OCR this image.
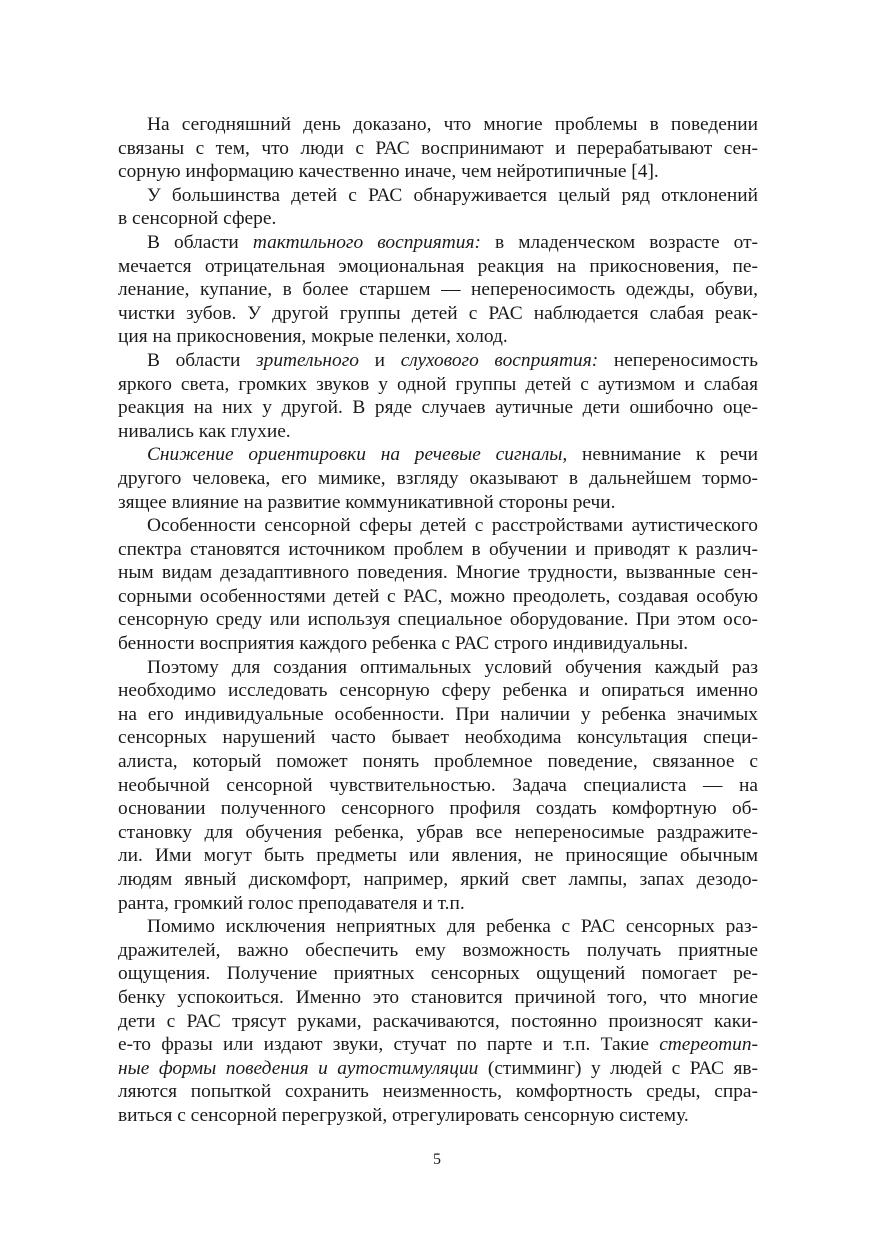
На сегодняшний день доказано, что многие проблемы в поведении
связаны с тем, что люди с РАС воспринимают и перерабатывают сен-
сорную информацию качественно иначе, чем нейротипичные [4].
У большинства детей с РАС обнаруживается целый ряд отклонений
в сенсорной сфере.
В области тактильного восприятия: в младенческом возрасте от-
мечается отрицательная эмоциональная реакция на прикосновения, пе-
ленание, купание, в более старшем — непереносимость одежды, обуви,
чистки зубов. У другой группы детей с РАС наблюдается слабая реак-
ция на прикосновения, мокрые пеленки, холод.
В области зрительного и слухового восприятия: непереносимость
яркого света, громких звуков у одной группы детей с аутизмом и слабая
реакция на них у другой. В ряде случаев аутичные дети ошибочно оце-
нивались как глухие.
Снижение ориентировки на речевые сигналы, невнимание к речи
другого человека, его мимике, взгляду оказывают в дальнейшем тормо-
зящее влияние на развитие коммуникативной стороны речи.
Особенности сенсорной сферы детей с расстройствами аутистического
спектра становятся источником проблем в обучении и приводят к различ-
ным видам дезадаптивного поведения. Многие трудности, вызванные сен-
сорными особенностями детей с РАС, можно преодолеть, создавая особую
сенсорную среду или используя специальное оборудование. При этом осо-
бенности восприятия каждого ребенка с РАС строго индивидуальны.
Поэтому для создания оптимальных условий обучения каждый раз
необходимо исследовать сенсорную сферу ребенка и опираться именно
на его индивидуальные особенности. При наличии у ребенка значимых
сенсорных нарушений часто бывает необходима консультация специ-
алиста, который поможет понять проблемное поведение, связанное с
необычной сенсорной чувствительностью. Задача специалиста — на
основании полученного сенсорного профиля создать комфортную об-
становку для обучения ребенка, убрав все непереносимые раздражите-
ли. Ими могут быть предметы или явления, не приносящие обычным
людям явный дискомфорт, например, яркий свет лампы, запах дезодо-
ранта, громкий голос преподавателя и т.п.
Помимо исключения неприятных для ребенка с РАС сенсорных раз-
дражителей, важно обеспечить ему возможность получать приятные
ощущения. Получение приятных сенсорных ощущений помогает ре-
бенку успокоиться. Именно это становится причиной того, что многие
дети с РАС трясут руками, раскачиваются, постоянно произносят каки-
е-то фразы или издают звуки, стучат по парте и т.п. Такие стереотип-
ные формы поведения и аутостимуляции (стимминг) у людей с РАС яв-
ляются попыткой сохранить неизменность, комфортность среды, спра-
виться с сенсорной перегрузкой, отрегулировать сенсорную систему.
5
